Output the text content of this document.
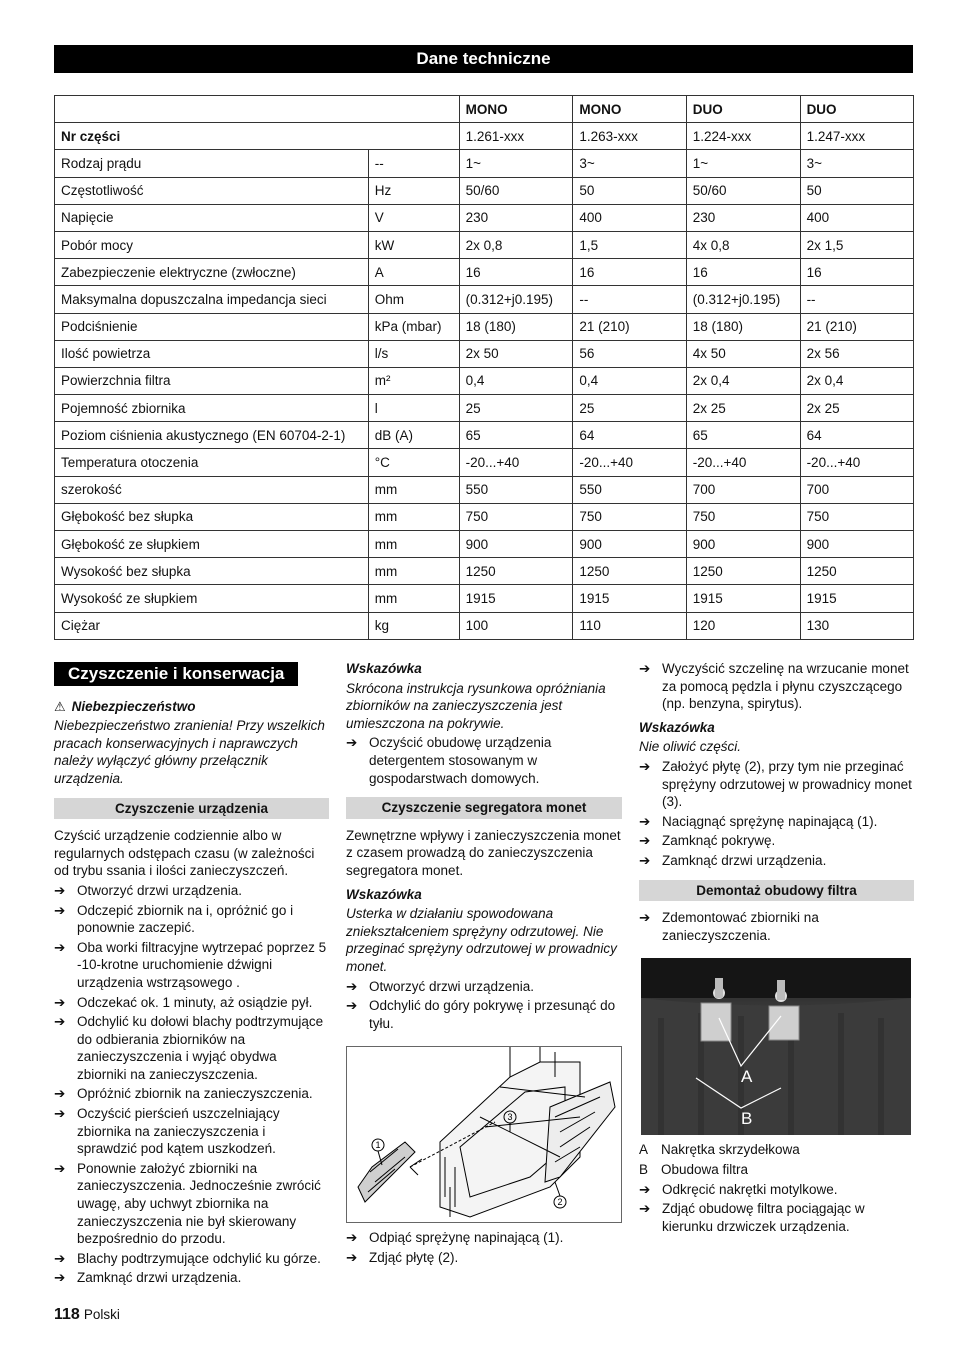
Dane techniczne
		MONO	MONO	DUO	DUO
Nr części		1.261-xxx	1.263-xxx	1.224-xxx	1.247-xxx
Rodzaj prądu	--	1~	3~	1~	3~
Częstotliwość	Hz	50/60	50	50/60	50
Napięcie	V	230	400	230	400
Pobór mocy	kW	2x 0,8	1,5	4x 0,8	2x 1,5
Zabezpieczenie elektryczne (zwłoczne)	A	16	16	16	16
Maksymalna dopuszczalna impedancja sieci	Ohm	(0.312+j0.195)	--	(0.312+j0.195)	--
Podciśnienie	kPa (mbar)	18 (180)	21 (210)	18 (180)	21 (210)
Ilość powietrza	l/s	2x 50	56	4x 50	2x 56
Powierzchnia filtra	m²	0,4	0,4	2x 0,4	2x 0,4
Pojemność zbiornika	l	25	25	2x 25	2x 25
Poziom ciśnienia akustycznego (EN 60704-2-1)	dB (A)	65	64	65	64
Temperatura otoczenia	°C	-20...+40	-20...+40	-20...+40	-20...+40
szerokość	mm	550	550	700	700
Głębokość bez słupka	mm	750	750	750	750
Głębokość ze słupkiem	mm	900	900	900	900
Wysokość bez słupka	mm	1250	1250	1250	1250
Wysokość ze słupkiem	mm	1915	1915	1915	1915
Ciężar	kg	100	110	120	130
Czyszczenie i konserwacja
⚠ Niebezpieczeństwo
Niebezpieczeństwo zranienia! Przy wszelkich pracach konserwacyjnych i naprawczych należy wyłączyć główny przełącznik urządzenia.
Czyszczenie urządzenia
Czyścić urządzenie codziennie albo w regularnych odstępach czasu (w zależności od trybu ssania i ilości zanieczyszczeń.
➔ Otworzyć drzwi urządzenia.
➔ Odczepić zbiornik na i, opróżnić go i ponownie zaczepić.
➔ Oba worki filtracyjne wytrzepać poprzez 5 -10-krotne uruchomienie dźwigni urządzenia wstrząsowego .
➔ Odczekać ok. 1 minuty, aż osiądzie pył.
➔ Odchylić ku dołowi blachy podtrzymujące do odbierania zbiorników na zanieczyszczenia i wyjąć obydwa zbiorniki na zanieczyszczenia.
➔ Opróżnić zbiornik na zanieczyszczenia.
➔ Oczyścić pierścień uszczelniający zbiornika na zanieczyszczenia i sprawdzić pod kątem uszkodzeń.
➔ Ponownie założyć zbiorniki na zanieczyszczenia. Jednocześnie zwrócić uwagę, aby uchwyt zbiornika na zanieczyszczenia nie był skierowany bezpośrednio do przodu.
➔ Blachy podtrzymujące odchylić ku górze.
➔ Zamknąć drzwi urządzenia.
Wskazówka
Skrócona instrukcja rysunkowa opróżniania zbiorników na zanieczyszczenia jest umieszczona na pokrywie.
➔ Oczyścić obudowę urządzenia detergentem stosowanym w gospodarstwach domowych.
Czyszczenie segregatora monet
Zewnętrzne wpływy i zanieczyszczenia monet z czasem prowadzą do zanieczyszczenia segregatora monet.
Wskazówka
Usterka w działaniu spowodowana zniekształceniem sprężyny odrzutowej. Nie przeginać sprężyny odrzutowej w prowadnicy monet.
➔ Otworzyć drzwi urządzenia.
➔ Odchylić do góry pokrywę i przesunąć do tyłu.
1
2
3
➔ Odpiąć sprężynę napinającą (1).
➔ Zdjąć płytę (2).
➔ Wyczyścić szczelinę na wrzucanie monet za pomocą pędzla i płynu czyszczącego (np. benzyna, spirytus).
Wskazówka
Nie oliwić części.
➔ Założyć płytę (2), przy tym nie przeginać sprężyny odrzutowej w prowadnicy monet (3).
➔ Naciągnąć sprężynę napinającą (1).
➔ Zamknąć pokrywę.
➔ Zamknąć drzwi urządzenia.
Demontaż obudowy filtra
➔ Zdemontować zbiorniki na zanieczyszczenia.
A
B
A Nakrętka skrzydełkowa
B Obudowa filtra
➔ Odkręcić nakrętki motylkowe.
➔ Zdjąć obudowę filtra pociągając w kierunku drzwiczek urządzenia.
118 Polski
